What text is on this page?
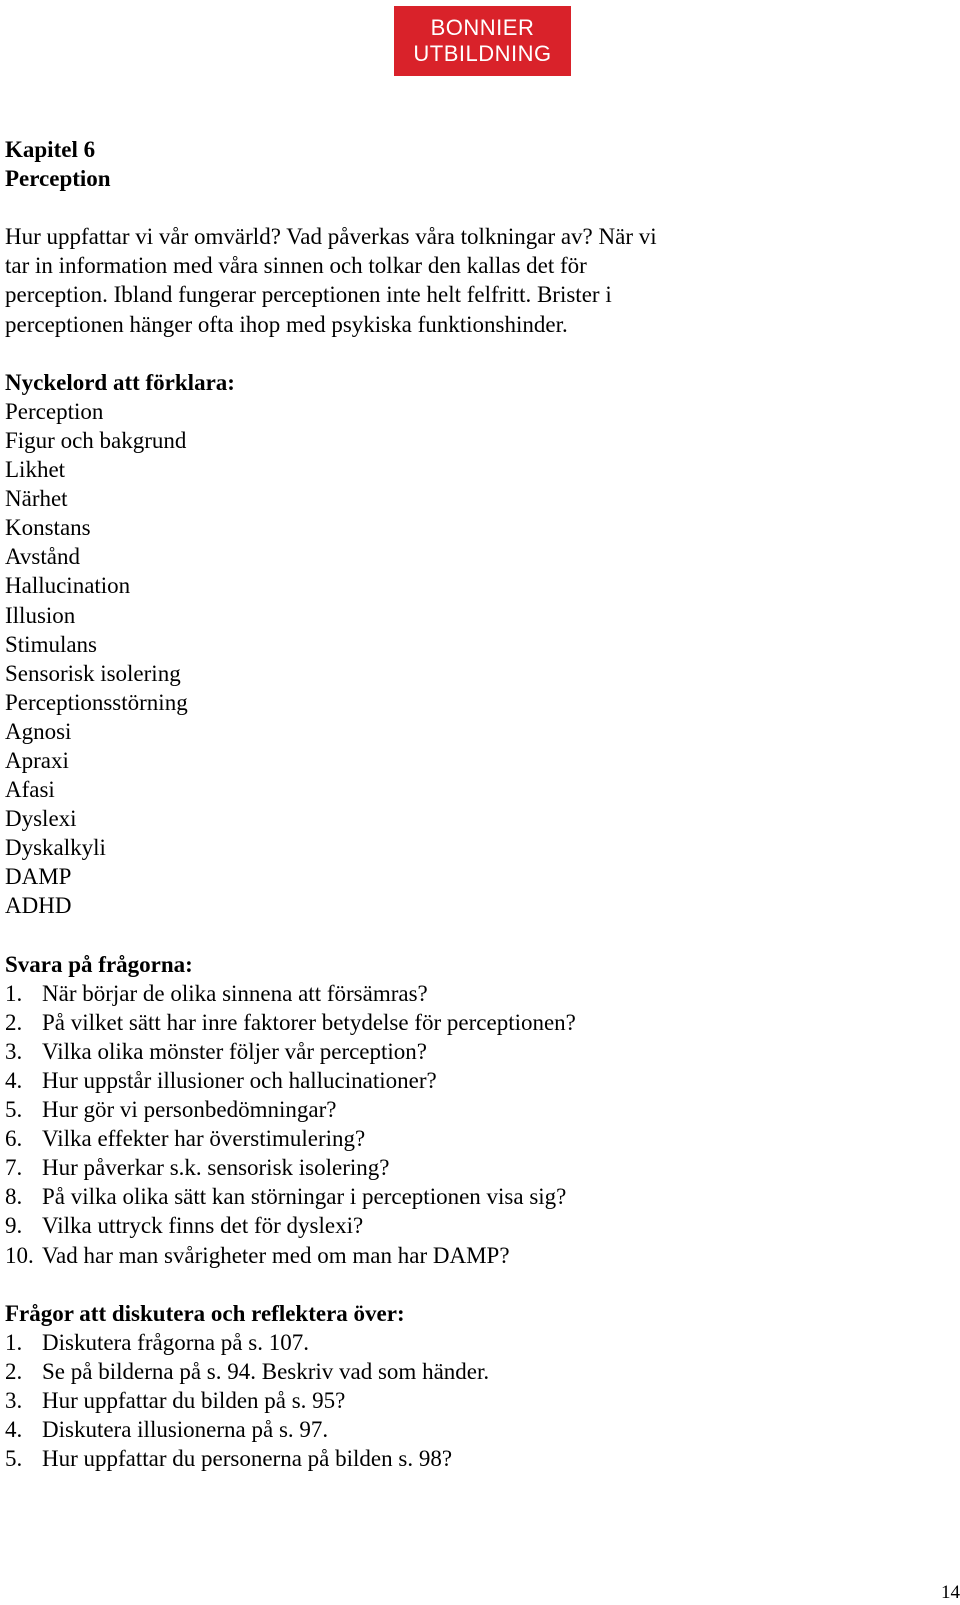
BONNIER
UTBILDNING
Kapitel 6
Perception
Hur uppfattar vi vår omvärld? Vad påverkas våra tolkningar av? När vi
tar in information med våra sinnen och tolkar den kallas det för
perception. Ibland fungerar perceptionen inte helt felfritt. Brister i
perceptionen hänger ofta ihop med psykiska funktionshinder.
Nyckelord att förklara:
Perception
Figur och bakgrund
Likhet
Närhet
Konstans
Avstånd
Hallucination
Illusion
Stimulans
Sensorisk isolering
Perceptionsstörning
Agnosi
Apraxi
Afasi
Dyslexi
Dyskalkyli
DAMP
ADHD
Svara på frågorna:
1. När börjar de olika sinnena att försämras?
2. På vilket sätt har inre faktorer betydelse för perceptionen?
3. Vilka olika mönster följer vår perception?
4. Hur uppstår illusioner och hallucinationer?
5. Hur gör vi personbedömningar?
6. Vilka effekter har överstimulering?
7. Hur påverkar s.k. sensorisk isolering?
8. På vilka olika sätt kan störningar i perceptionen visa sig?
9. Vilka uttryck finns det för dyslexi?
10. Vad har man svårigheter med om man har DAMP?
Frågor att diskutera och reflektera över:
1. Diskutera frågorna på s. 107.
2. Se på bilderna på s. 94. Beskriv vad som händer.
3. Hur uppfattar du bilden på s. 95?
4. Diskutera illusionerna på s. 97.
5. Hur uppfattar du personerna på bilden s. 98?
14
